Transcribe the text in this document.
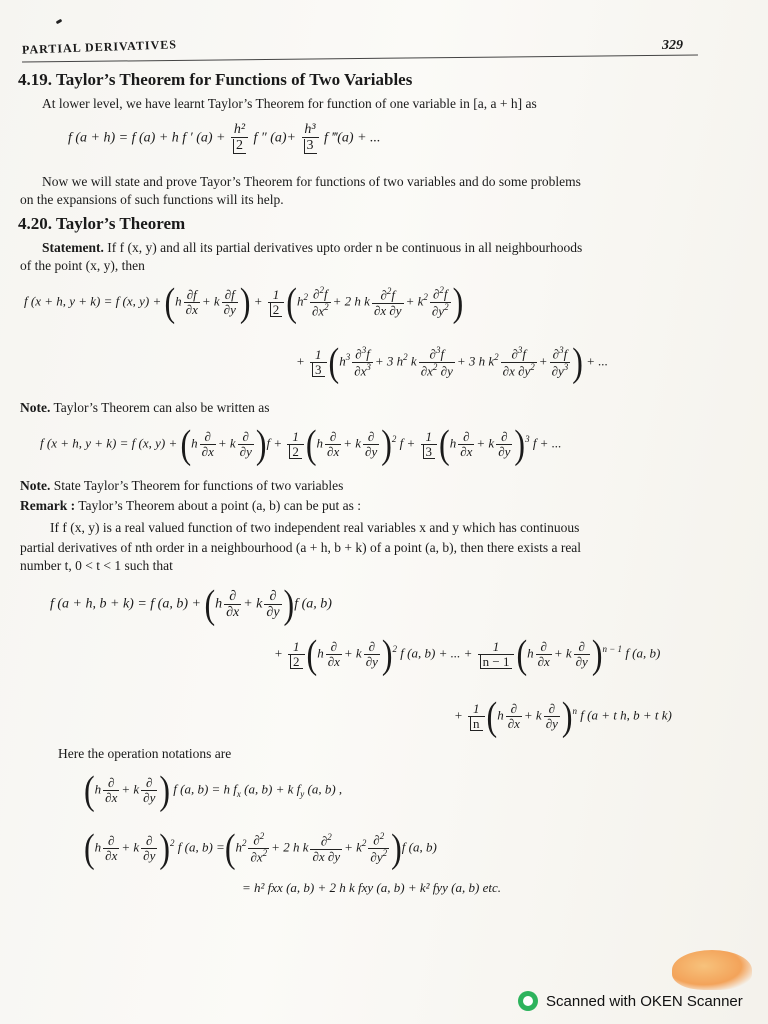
PARTIAL DERIVATIVES	329
4.19. Taylor’s Theorem for Functions of Two Variables
At lower level, we have learnt Taylor’s Theorem for function of one variable in [a, a + h] as
f (a + h) = f (a) + h f ′ $(a) + \frac{\text{h²}}{2}$ f ″ $(a)+ \frac{\text{h³}}{3}$ f ‴(a) + ...
Now we will state and prove Tayor’s Theorem for functions of two variables and do some problems
on the expansions of such functions will its help.
4.20. Taylor’s Theorem
Statement. If f (x, y) and all its partial derivatives upto order n be continuous in all neighbourhoods
of the point (x, y), then
f (x + h, y + k) = f (x, $y) + (h \frac{\partial f}{\partial x} + k \frac{\partial f}{\partial y}$ ) + $\frac{1}{2} (h^2 \frac{\partial^2f}{\partial x^2} + 2$ h k $\frac{\partial^2f}{\partial x \partial y} + k^2 \frac{\partial^2f}{\partial y^2}$ )
+ $\frac{1}{3} (h^3 \frac{\partial^3f}{\partial x^3} + 3$ $h^2$ k $\frac{\partial^3f}{\partial x^2 \partial y} + 3$ h $k^2 \frac{\partial^3f}{\partial x \partial y^2} + \frac{\partial^3f}{\partial y^3}$ ) + ...
Note. Taylor’s Theorem can also be written as
f (x + h, y + k) = f (x, $y) + (h \frac{\partial}{\partial x} + k \frac{\partial}{\partial y} )f + \frac{1}{2} (h \frac{\partial}{\partial x} + k \frac{\partial}{\partial y} )^2$ $f + \frac{1}{3} (h \frac{\partial}{\partial x} + k \frac{\partial}{\partial y} )^3$ f + ...
Note. State Taylor’s Theorem for functions of two variables
Remark : Taylor’s Theorem about a point (a, b) can be put as :
If f (x, y) is a real valued function of two independent real variables x and y which has continuous
partial derivatives of nth order in a neighbourhood (a + h, b + k) of a point (a, b), then there exists a real
number t, 0 < t < 1 such that
f (a + h, b + k) = f (a, $b) + (h \frac{\partial}{\partial x} + k \frac{\partial}{\partial y} )f$ (a, b)
+ $\frac{1}{2} (h \frac{\partial}{\partial x} + k \frac{\partial}{\partial y} )^2$ f (a, b) + ... + $\frac{1}{n - 1} (h \frac{\partial}{\partial x} + k \frac{\partial}{\partial y} )^{n - 1}$ f (a, b)
+ $\frac{1}{n} (h \frac{\partial}{\partial x} + k \frac{\partial}{\partial y} )^n$ f (a + t h, b + t k)
Here the operation notations are
($h \frac{\partial}{\partial x} + k \frac{\partial}{\partial y}$ ) f (a, b) = h $f_x$ (a, b) + k $f_y$ (a, b) ,
$(h \frac{\partial}{\partial x} + k \frac{\partial}{\partial y} )^2$ f (a, $b) =(h^2 \frac{\partial^2}{\partial x^2} + 2$ h k $\frac{\partial^2}{\partial x \partial y} + k^2 \frac{\partial^2}{\partial y^2} )f$ (a, b)
= h² fxx (a, b) + 2 h k fxy (a, b) + k² fyy (a, b) etc.
Scanned with OKEN Scanner
